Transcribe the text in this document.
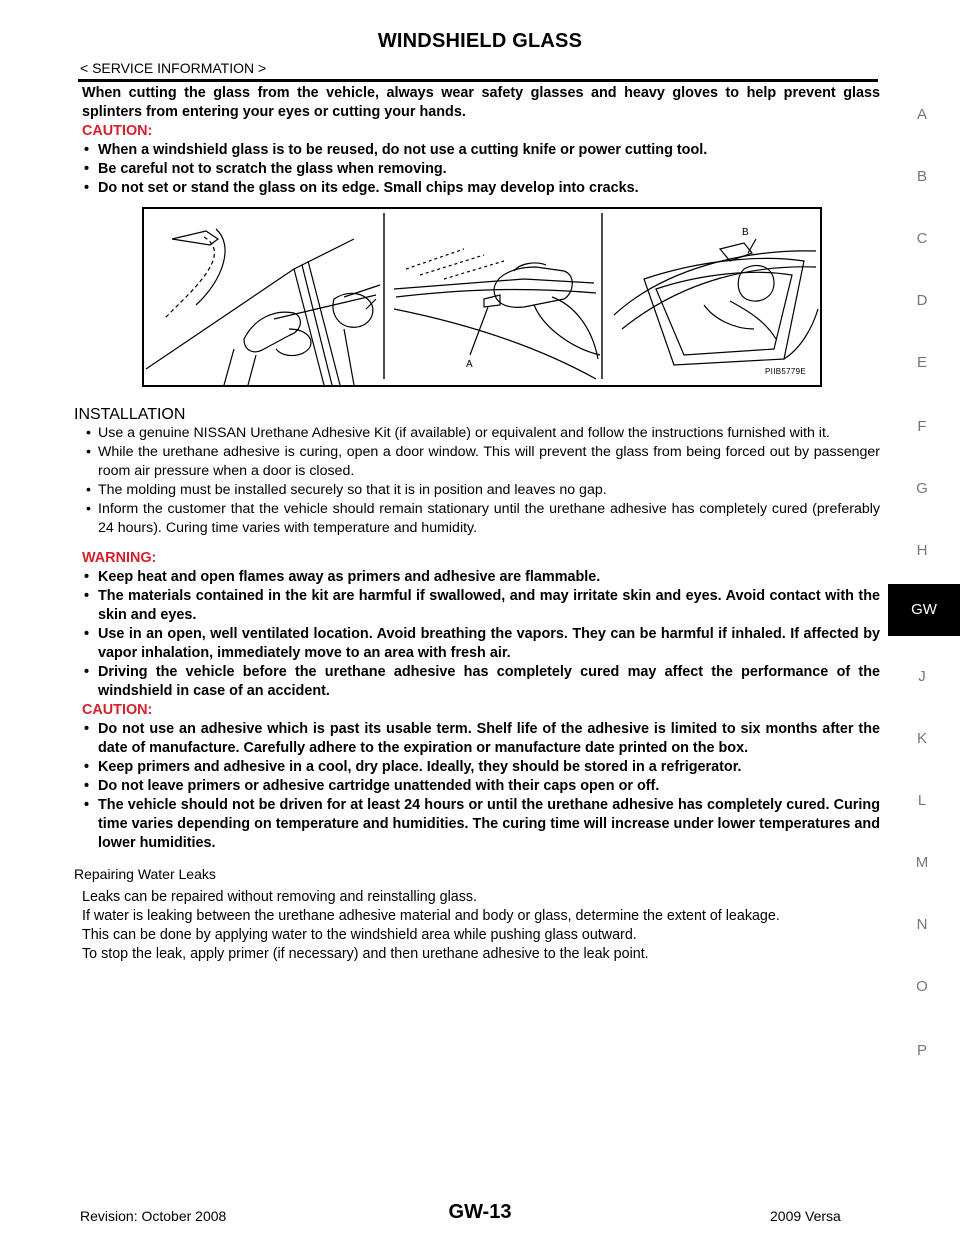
WINDSHIELD GLASS
< SERVICE INFORMATION >
When cutting the glass from the vehicle, always wear safety glasses and heavy gloves to help prevent glass splinters from entering your eyes or cutting your hands.
CAUTION:
• When a windshield glass is to be reused, do not use a cutting knife or power cutting tool.
• Be careful not to scratch the glass when removing.
• Do not set or stand the glass on its edge. Small chips may develop into cracks.
B
A
PIIB5779E
INSTALLATION
• Use a genuine NISSAN Urethane Adhesive Kit (if available) or equivalent and follow the instructions furnished with it.
• While the urethane adhesive is curing, open a door window. This will prevent the glass from being forced out by passenger room air pressure when a door is closed.
• The molding must be installed securely so that it is in position and leaves no gap.
• Inform the customer that the vehicle should remain stationary until the urethane adhesive has completely cured (preferably 24 hours). Curing time varies with temperature and humidity.
WARNING:
• Keep heat and open flames away as primers and adhesive are flammable.
• The materials contained in the kit are harmful if swallowed, and may irritate skin and eyes. Avoid contact with the skin and eyes.
• Use in an open, well ventilated location. Avoid breathing the vapors. They can be harmful if inhaled. If affected by vapor inhalation, immediately move to an area with fresh air.
• Driving the vehicle before the urethane adhesive has completely cured may affect the performance of the windshield in case of an accident.
CAUTION:
• Do not use an adhesive which is past its usable term. Shelf life of the adhesive is limited to six months after the date of manufacture. Carefully adhere to the expiration or manufacture date printed on the box.
• Keep primers and adhesive in a cool, dry place. Ideally, they should be stored in a refrigerator.
• Do not leave primers or adhesive cartridge unattended with their caps open or off.
• The vehicle should not be driven for at least 24 hours or until the urethane adhesive has completely cured. Curing time varies depending on temperature and humidities. The curing time will increase under lower temperatures and lower humidities.
Repairing Water Leaks
Leaks can be repaired without removing and reinstalling glass.
If water is leaking between the urethane adhesive material and body or glass, determine the extent of leakage.
This can be done by applying water to the windshield area while pushing glass outward.
To stop the leak, apply primer (if necessary) and then urethane adhesive to the leak point.
A
B
C
D
E
F
G
H
GW
J
K
L
M
N
O
P
Revision: October 2008	GW-13	2009 Versa
